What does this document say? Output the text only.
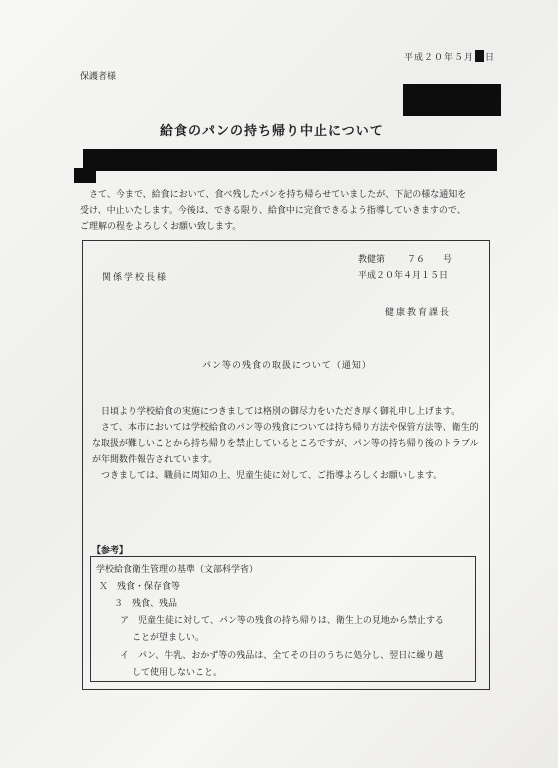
平成２０年５月 日
保護者様
給食のパンの持ち帰り中止について

　さて、今まで、給食において、食べ残したパンを持ち帰らせていましたが、下記の様な通知を

受け、中止いたします。今後は、できる限り、給食中に完食できるよう指導していきますので、

ご理解の程をよろしくお願い致します。

教健第 ７６ 号
平成２０年４月１５日
関係学校長様
健康教育課長
パン等の残食の取扱について（通知）

日頃より学校給食の実施につきましては格別の御尽力をいただき厚く御礼申し上げます。

さて、本市においては学校給食のパン等の残食については持ち帰り方法や保管方法等、衛生的な取扱が難しいことから持ち帰りを禁止しているところですが、パン等の持ち帰り後のトラブルが年間数件報告されています。

つきましては、職員に周知の上、児童生徒に対して、ご指導よろしくお願いします。

【参考】
学校給食衛生管理の基準（文部科学省）
Ｘ　残食・保存食等
３　残食、残品
ア　児童生徒に対して、パン等の残食の持ち帰りは、衛生上の見地から禁止する
ことが望ましい。
イ　パン、牛乳、おかず等の残品は、全てその日のうちに処分し、翌日に繰り越
して使用しないこと。
